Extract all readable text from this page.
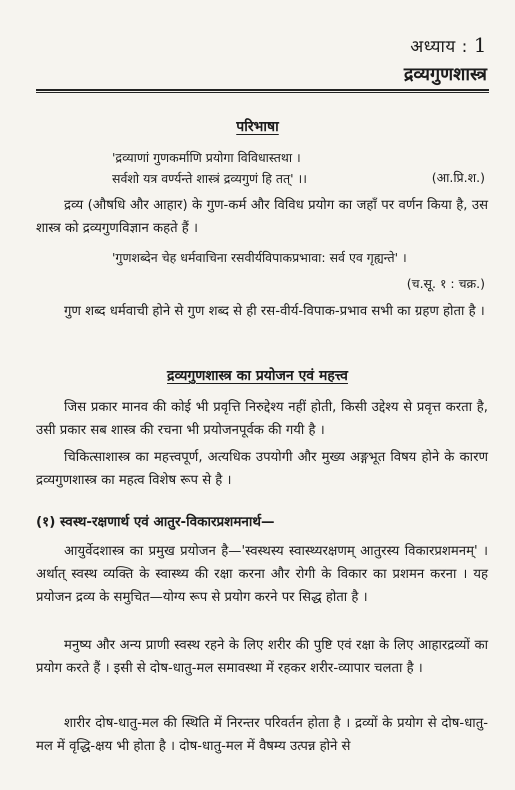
अध्याय : 1
द्रव्यगुणशास्त्र
परिभाषा
'द्रव्याणां गुणकर्माणि प्रयोगा विविधास्तथा ।
सर्वशो यत्र वर्ण्यन्ते शास्त्रं द्रव्यगुणं हि तत्' ।।	(आ.प्रि.श.)
द्रव्य (औषधि और आहार) के गुण-कर्म और विविध प्रयोग का जहाँ पर वर्णन किया है, उस शास्त्र को द्रव्यगुणविज्ञान कहते हैं ।
'गुणशब्देन चेह धर्मवाचिना रसवीर्यविपाकप्रभावा: सर्व एव गृह्यन्ते' ।
(च.सू. १ : चक्र.)
गुण शब्द धर्मवाची होने से गुण शब्द से ही रस-वीर्य-विपाक-प्रभाव सभी का ग्रहण होता है ।
द्रव्यगुणशास्त्र का प्रयोजन एवं महत्त्व
जिस प्रकार मानव की कोई भी प्रवृत्ति निरुद्देश्य नहीं होती, किसी उद्देश्य से प्रवृत्त करता है, उसी प्रकार सब शास्त्र की रचना भी प्रयोजनपूर्वक की गयी है ।
चिकित्साशास्त्र का महत्त्वपूर्ण, अत्यधिक उपयोगी और मुख्य अङ्गभूत विषय होने के कारण द्रव्यगुणशास्त्र का महत्व विशेष रूप से है ।
(१) स्वस्थ-रक्षणार्थ एवं आतुर-विकारप्रशमनार्थ—
आयुर्वेदशास्त्र का प्रमुख प्रयोजन है—'स्वस्थस्य स्वास्थ्यरक्षणम् आतुरस्य विकारप्रशमनम्' । अर्थात् स्वस्थ व्यक्ति के स्वास्थ्य की रक्षा करना और रोगी के विकार का प्रशमन करना । यह प्रयोजन द्रव्य के समुचित—योग्य रूप से प्रयोग करने पर सिद्ध होता है ।
मनुष्य और अन्य प्राणी स्वस्थ रहने के लिए शरीर की पुष्टि एवं रक्षा के लिए आहारद्रव्यों का प्रयोग करते हैं । इसी से दोष-धातु-मल समावस्था में रहकर शरीर-व्यापार चलता है ।
शारीर दोष-धातु-मल की स्थिति में निरन्तर परिवर्तन होता है । द्रव्यों के प्रयोग से दोष-धातु-मल में वृद्धि-क्षय भी होता है । दोष-धातु-मल में वैषम्य उत्पन्न होने से
